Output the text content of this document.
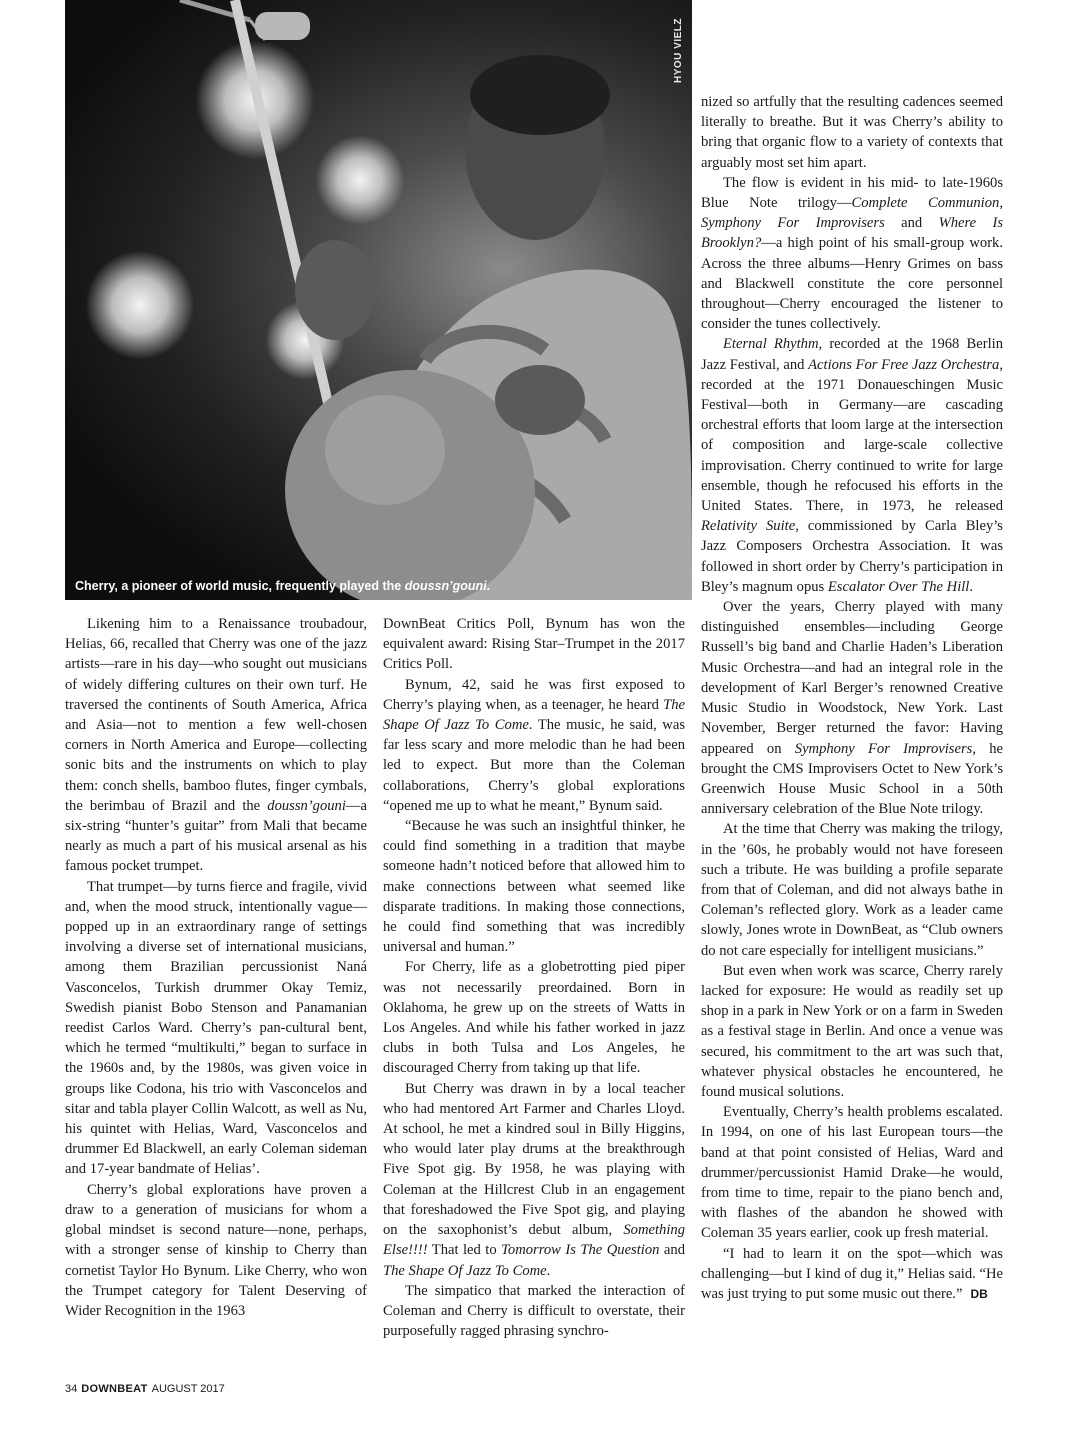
HYOU VIELZ
Cherry, a pioneer of world music, frequently played the doussn’gouni.

Likening him to a Renaissance troubadour, Helias, 66, recalled that Cherry was one of the jazz artists—rare in his day—who sought out musicians of widely differing cultures on their own turf. He traversed the continents of South America, Africa and Asia—not to mention a few well-chosen corners in North America and Europe—collecting sonic bits and the instruments on which to play them: conch shells, bamboo flutes, finger cymbals, the berimbau of Brazil and the doussn’gouni—a six-string “hunter’s guitar” from Mali that became nearly as much a part of his musical arsenal as his famous pocket trumpet.

That trumpet—by turns fierce and fragile, vivid and, when the mood struck, intentionally vague—popped up in an extraordinary range of settings involving a diverse set of international musicians, among them Brazilian percussionist Naná Vasconcelos, Turkish drummer Okay Temiz, Swedish pianist Bobo Stenson and Panamanian reedist Carlos Ward. Cherry’s pan-cultural bent, which he termed “multikulti,” began to surface in the 1960s and, by the 1980s, was given voice in groups like Codona, his trio with Vasconcelos and sitar and tabla player Collin Walcott, as well as Nu, his quintet with Helias, Ward, Vasconcelos and drummer Ed Blackwell, an early Coleman sideman and 17-year bandmate of Helias’.

Cherry’s global explorations have proven a draw to a generation of musicians for whom a global mindset is second nature—none, perhaps, with a stronger sense of kinship to Cherry than cornetist Taylor Ho Bynum. Like Cherry, who won the Trumpet category for Talent Deserving of Wider Recognition in the 1963

DownBeat Critics Poll, Bynum has won the equivalent award: Rising Star–Trumpet in the 2017 Critics Poll.

Bynum, 42, said he was first exposed to Cherry’s playing when, as a teenager, he heard The Shape Of Jazz To Come. The music, he said, was far less scary and more melodic than he had been led to expect. But more than the Coleman collaborations, Cherry’s global explorations “opened me up to what he meant,” Bynum said.

“Because he was such an insightful thinker, he could find something in a tradition that maybe someone hadn’t noticed before that allowed him to make connections between what seemed like disparate traditions. In making those connections, he could find something that was incredibly universal and human.”

For Cherry, life as a globetrotting pied piper was not necessarily preordained. Born in Oklahoma, he grew up on the streets of Watts in Los Angeles. And while his father worked in jazz clubs in both Tulsa and Los Angeles, he discouraged Cherry from taking up that life.

But Cherry was drawn in by a local teacher who had mentored Art Farmer and Charles Lloyd. At school, he met a kindred soul in Billy Higgins, who would later play drums at the breakthrough Five Spot gig. By 1958, he was playing with Coleman at the Hillcrest Club in an engagement that foreshadowed the Five Spot gig, and playing on the saxophonist’s debut album, Something Else!!!! That led to Tomorrow Is The Question and The Shape Of Jazz To Come.

The simpatico that marked the interaction of Coleman and Cherry is difficult to overstate, their purposefully ragged phrasing synchro-

nized so artfully that the resulting cadences seemed literally to breathe. But it was Cherry’s ability to bring that organic flow to a variety of contexts that arguably most set him apart.

The flow is evident in his mid- to late-1960s Blue Note trilogy—Complete Communion, Symphony For Improvisers and Where Is Brooklyn?—a high point of his small-group work. Across the three albums—Henry Grimes on bass and Blackwell constitute the core personnel throughout—Cherry encouraged the listener to consider the tunes collectively.

Eternal Rhythm, recorded at the 1968 Berlin Jazz Festival, and Actions For Free Jazz Orchestra, recorded at the 1971 Donaueschingen Music Festival—both in Germany—are cascading orchestral efforts that loom large at the intersection of composition and large-scale collective improvisation. Cherry continued to write for large ensemble, though he refocused his efforts in the United States. There, in 1973, he released Relativity Suite, commissioned by Carla Bley’s Jazz Composers Orchestra Association. It was followed in short order by Cherry’s participation in Bley’s magnum opus Escalator Over The Hill.

Over the years, Cherry played with many distinguished ensembles—including George Russell’s big band and Charlie Haden’s Liberation Music Orchestra—and had an integral role in the development of Karl Berger’s renowned Creative Music Studio in Woodstock, New York. Last November, Berger returned the favor: Having appeared on Symphony For Improvisers, he brought the CMS Improvisers Octet to New York’s Greenwich House Music School in a 50th anniversary celebration of the Blue Note trilogy.

At the time that Cherry was making the trilogy, in the ’60s, he probably would not have foreseen such a tribute. He was building a profile separate from that of Coleman, and did not always bathe in Coleman’s reflected glory. Work as a leader came slowly, Jones wrote in DownBeat, as “Club owners do not care especially for intelligent musicians.”

But even when work was scarce, Cherry rarely lacked for exposure: He would as readily set up shop in a park in New York or on a farm in Sweden as a festival stage in Berlin. And once a venue was secured, his commitment to the art was such that, whatever physical obstacles he encountered, he found musical solutions.

Eventually, Cherry’s health problems escalated. In 1994, on one of his last European tours—the band at that point consisted of Helias, Ward and drummer/percussionist Hamid Drake—he would, from time to time, repair to the piano bench and, with flashes of the abandon he showed with Coleman 35 years earlier, cook up fresh material.

“I had to learn it on the spot—which was challenging—but I kind of dug it,” Helias said. “He was just trying to put some music out there.” DB

34 DOWNBEAT AUGUST 2017
